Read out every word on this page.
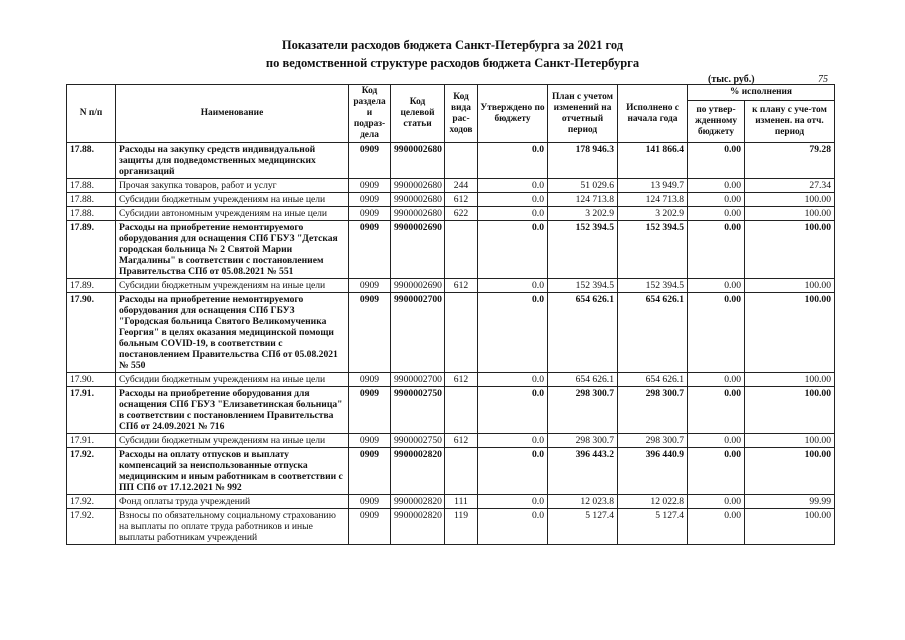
Показатели расходов бюджета Санкт-Петербурга за 2021 год
по ведомственной структуре расходов бюджета Санкт-Петербурга
(тыс. руб.)	75
N п/п	Наименование	Код раздела и подраз-дела	Код целевой статьи	Код вида рас-ходов	Утверждено по бюджету	План с учетом изменений на отчетный период	Исполнено с начала года	% исполнения	
								по утвер-жденному бюджету	к плану с уче-том изменен. на отч. период
17.88.	Расходы на закупку средств индивидуальной защиты для подведомственных медицинских организаций	0909	9900002680		0.0	178 946.3	141 866.4	0.00	79.28
17.88.	Прочая закупка товаров, работ и услуг	0909	9900002680	244	0.0	51 029.6	13 949.7	0.00	27.34
17.88.	Субсидии бюджетным учреждениям на иные цели	0909	9900002680	612	0.0	124 713.8	124 713.8	0.00	100.00
17.88.	Субсидии автономным учреждениям на иные цели	0909	9900002680	622	0.0	3 202.9	3 202.9	0.00	100.00
17.89.	Расходы на приобретение немонтируемого оборудования для оснащения СПб ГБУЗ "Детская городская больница № 2 Святой Марии Магдалины" в соответствии с постановлением Правительства СПб от 05.08.2021 № 551	0909	9900002690		0.0	152 394.5	152 394.5	0.00	100.00
17.89.	Субсидии бюджетным учреждениям на иные цели	0909	9900002690	612	0.0	152 394.5	152 394.5	0.00	100.00
17.90.	Расходы на приобретение немонтируемого оборудования для оснащения СПб ГБУЗ "Городская больница Святого Великомученика Георгия" в целях оказания медицинской помощи больным COVID-19, в соответствии с постановлением Правительства СПб от 05.08.2021 № 550	0909	9900002700		0.0	654 626.1	654 626.1	0.00	100.00
17.90.	Субсидии бюджетным учреждениям на иные цели	0909	9900002700	612	0.0	654 626.1	654 626.1	0.00	100.00
17.91.	Расходы на приобретение оборудования для оснащения СПб ГБУЗ "Елизаветинская больница" в соответствии с постановлением Правительства СПб от 24.09.2021 № 716	0909	9900002750		0.0	298 300.7	298 300.7	0.00	100.00
17.91.	Субсидии бюджетным учреждениям на иные цели	0909	9900002750	612	0.0	298 300.7	298 300.7	0.00	100.00
17.92.	Расходы на оплату отпусков и выплату компенсаций за неиспользованные отпуска медицинским и иным работникам в соответствии с ПП СПб от 17.12.2021 № 992	0909	9900002820		0.0	396 443.2	396 440.9	0.00	100.00
17.92.	Фонд оплаты труда учреждений	0909	9900002820	111	0.0	12 023.8	12 022.8	0.00	99.99
17.92.	Взносы по обязательному социальному страхованию на выплаты по оплате труда работников и иные выплаты работникам учреждений	0909	9900002820	119	0.0	5 127.4	5 127.4	0.00	100.00
